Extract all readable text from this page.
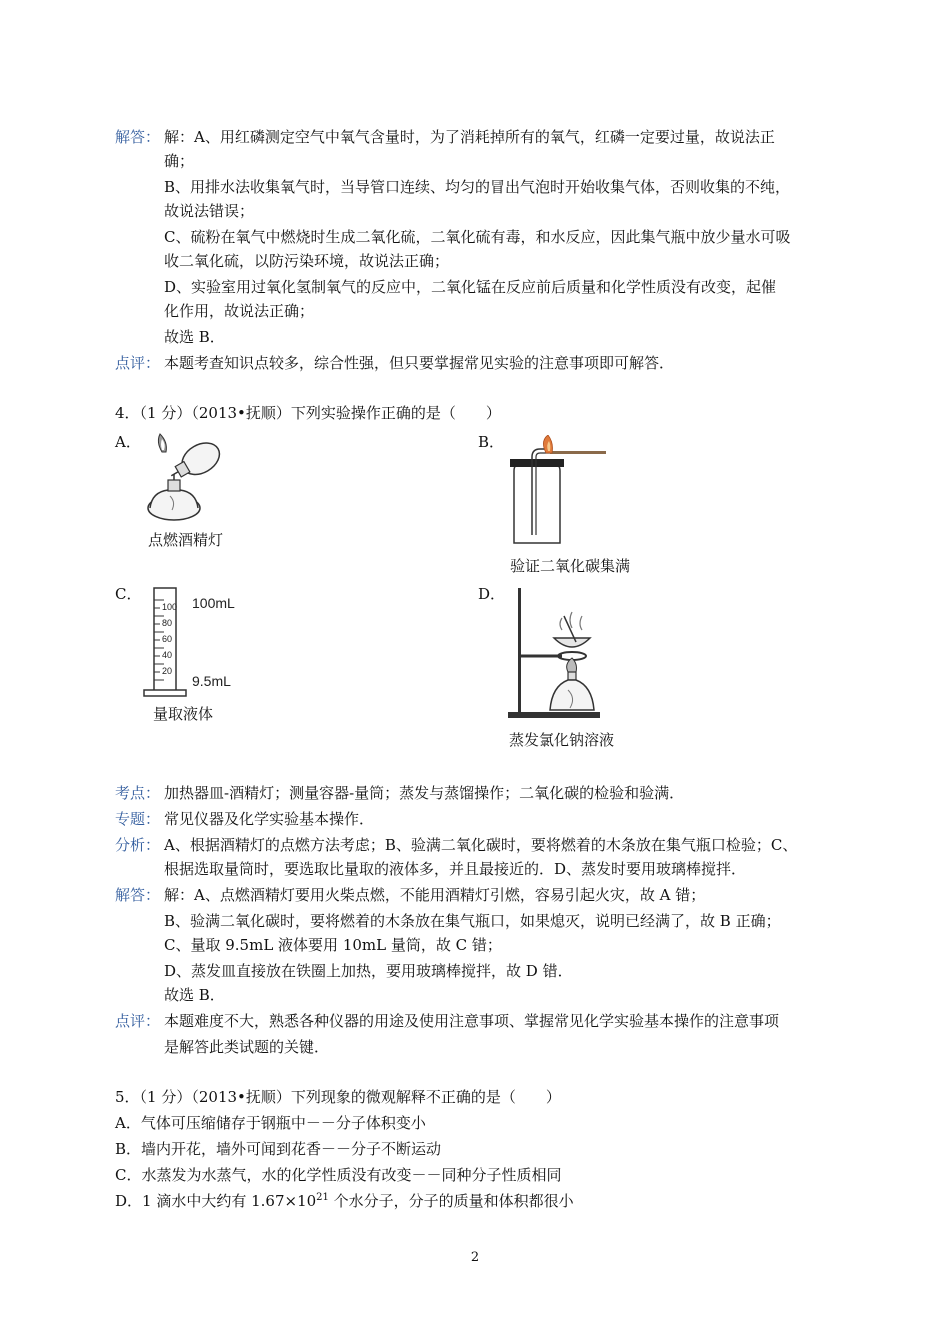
解答： 解：A、用红磷测定空气中氧气含量时，为了消耗掉所有的氧气，红磷一定要过量，故说法正
确；
B、用排水法收集氧气时，当导管口连续、均匀的冒出气泡时开始收集气体，否则收集的不纯，
故说法错误；
C、硫粉在氧气中燃烧时生成二氧化硫，二氧化硫有毒，和水反应，因此集气瓶中放少量水可吸
收二氧化硫，以防污染环境，故说法正确；
D、实验室用过氧化氢制氧气的反应中，二氧化锰在反应前后质量和化学性质没有改变，起催
化作用，故说法正确；
故选 B．
点评： 本题考查知识点较多，综合性强，但只要掌握常见实验的注意事项即可解答．
4．（1 分）（2013•抚顺）下列实验操作正确的是（　　）
A．
点燃酒精灯
B．
验证二氧化碳集满
C．
100
80
60
40
20
100mL
9.5mL
量取液体
D．
蒸发氯化钠溶液
考点： 加热器皿-酒精灯；测量容器-量筒；蒸发与蒸馏操作；二氧化碳的检验和验满．
专题： 常见仪器及化学实验基本操作．
分析： A、根据酒精灯的点燃方法考虑；B、验满二氧化碳时，要将燃着的木条放在集气瓶口检验；C、
根据选取量筒时，要选取比量取的液体多，并且最接近的．D、蒸发时要用玻璃棒搅拌．
解答： 解：A、点燃酒精灯要用火柴点燃，不能用酒精灯引燃，容易引起火灾，故 A 错；
B、验满二氧化碳时，要将燃着的木条放在集气瓶口，如果熄灭，说明已经满了，故 B 正确；
C、量取 9.5mL 液体要用 10mL 量筒，故 C 错；
D、蒸发皿直接放在铁圈上加热，要用玻璃棒搅拌，故 D 错．
故选 B．
点评： 本题难度不大，熟悉各种仪器的用途及使用注意事项、掌握常见化学实验基本操作的注意事项
是解答此类试题的关键．
5．（1 分）（2013•抚顺）下列现象的微观解释不正确的是（　　）
A．气体可压缩储存于钢瓶中－－分子体积变小
B．墙内开花，墙外可闻到花香－－分子不断运动
C．水蒸发为水蒸气，水的化学性质没有改变－－同种分子性质相同
D．1 滴水中大约有 $1.67\times 10^{21}$ 个水分子，分子的质量和体积都很小
2
